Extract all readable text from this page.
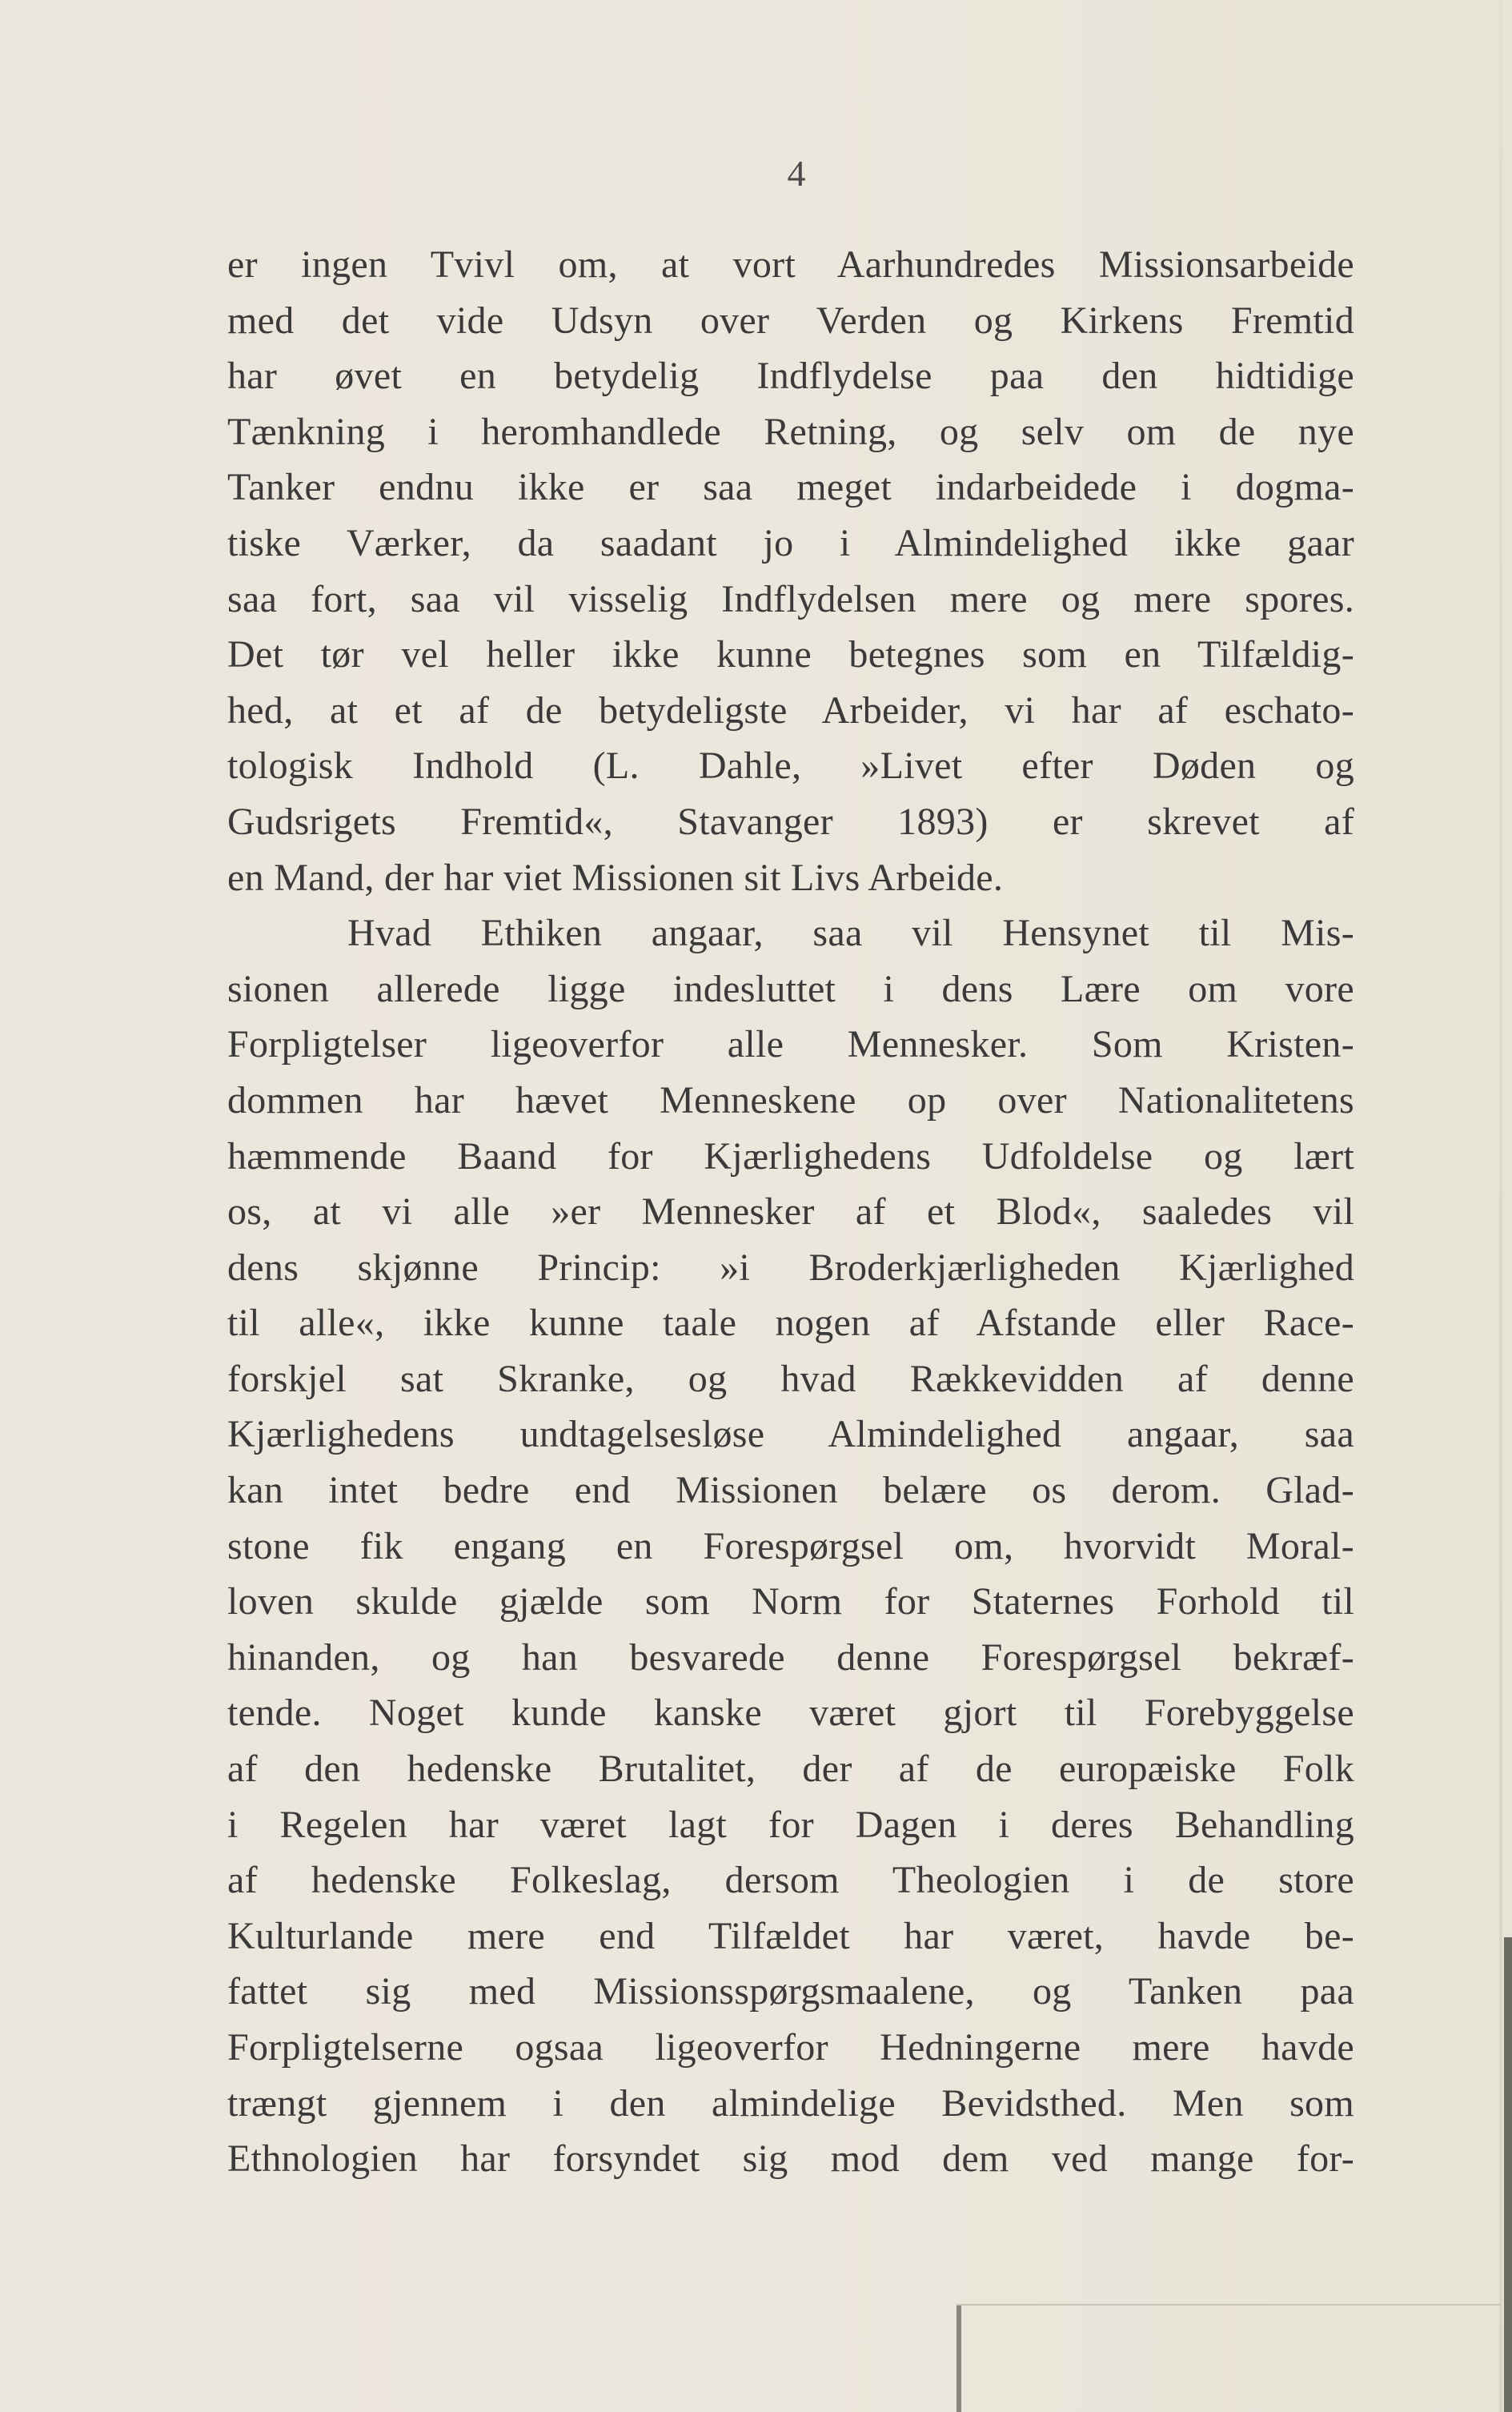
4
er ingen Tvivl om, at vort Aarhundredes Missionsarbeide
med det vide Udsyn over Verden og Kirkens Fremtid
har øvet en betydelig Indflydelse paa den hidtidige
Tænkning i heromhandlede Retning, og selv om de nye
Tanker endnu ikke er saa meget indarbeidede i dogma-
tiske Værker, da saadant jo i Almindelighed ikke gaar
saa fort, saa vil visselig Indflydelsen mere og mere spores.
Det tør vel heller ikke kunne betegnes som en Tilfældig-
hed, at et af de betydeligste Arbeider, vi har af eschato-
tologisk Indhold (L. Dahle, »Livet efter Døden og
Gudsrigets Fremtid«, Stavanger 1893) er skrevet af
en Mand, der har viet Missionen sit Livs Arbeide.
Hvad Ethiken angaar, saa vil Hensynet til Mis-
sionen allerede ligge indesluttet i dens Lære om vore
Forpligtelser ligeoverfor alle Mennesker. Som Kristen-
dommen har hævet Menneskene op over Nationalitetens
hæmmende Baand for Kjærlighedens Udfoldelse og lært
os, at vi alle »er Mennesker af et Blod«, saaledes vil
dens skjønne Princip: »i Broderkjærligheden Kjærlighed
til alle«, ikke kunne taale nogen af Afstande eller Race-
forskjel sat Skranke, og hvad Rækkevidden af denne
Kjærlighedens undtagelsesløse Almindelighed angaar, saa
kan intet bedre end Missionen belære os derom. Glad-
stone fik engang en Forespørgsel om, hvorvidt Moral-
loven skulde gjælde som Norm for Staternes Forhold til
hinanden, og han besvarede denne Forespørgsel bekræf-
tende. Noget kunde kanske været gjort til Forebyggelse
af den hedenske Brutalitet, der af de europæiske Folk
i Regelen har været lagt for Dagen i deres Behandling
af hedenske Folkeslag, dersom Theologien i de store
Kulturlande mere end Tilfældet har været, havde be-
fattet sig med Missionsspørgsmaalene, og Tanken paa
Forpligtelserne ogsaa ligeoverfor Hedningerne mere havde
trængt gjennem i den almindelige Bevidsthed. Men som
Ethnologien har forsyndet sig mod dem ved mange for-
